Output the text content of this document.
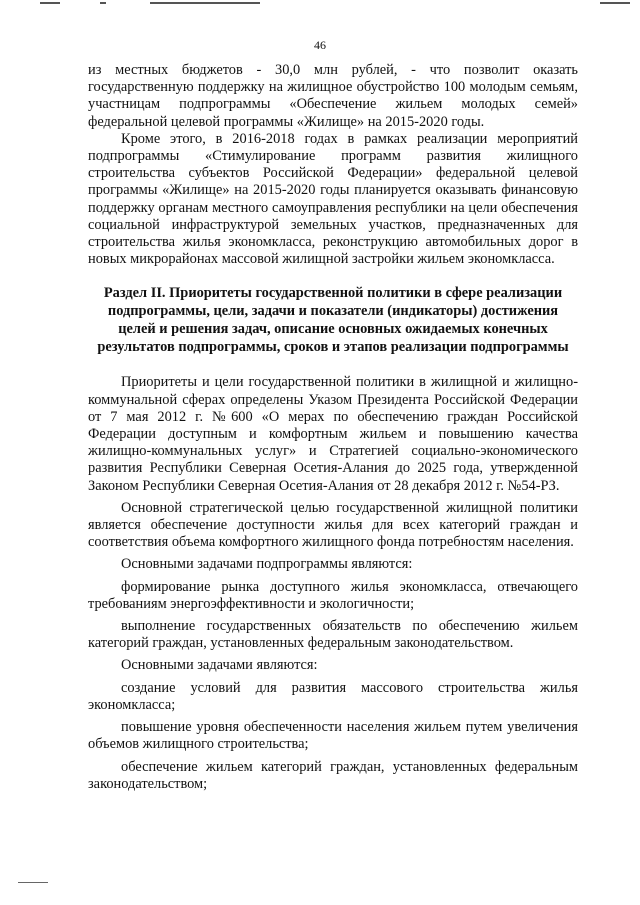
46

из местных бюджетов - 30,0 млн рублей, - что позволит оказать государственную поддержку на жилищное обустройство 100 молодым семьям, участницам подпрограммы «Обеспечение жильем молодых семей» федеральной целевой программы «Жилище» на 2015-2020 годы.

Кроме этого, в 2016-2018 годах в рамках реализации мероприятий подпрограммы «Стимулирование программ развития жилищного строительства субъектов Российской Федерации» федеральной целевой программы «Жилище» на 2015-2020 годы планируется оказывать финансовую поддержку органам местного самоуправления республики на цели обеспечения социальной инфраструктурой земельных участков, предназначенных для строительства жилья экономкласса, реконструкцию автомобильных дорог в новых микрорайонах массовой жилищной застройки жильем экономкласса.

Раздел II. Приоритеты государственной политики в сфере реализации подпрограммы, цели, задачи и показатели (индикаторы) достижения целей и решения задач, описание основных ожидаемых конечных результатов подпрограммы, сроков и этапов реализации подпрограммы

Приоритеты и цели государственной политики в жилищной и жилищно-коммунальной сферах определены Указом Президента Российской Федерации от 7 мая 2012 г. №600 «О мерах по обеспечению граждан Российской Федерации доступным и комфортным жильем и повышению качества жилищно-коммунальных услуг» и Стратегией социально-экономического развития Республики Северная Осетия-Алания до 2025 года, утвержденной Законом Республики Северная Осетия-Алания от 28 декабря 2012 г. №54-РЗ.

Основной стратегической целью государственной жилищной политики является обеспечение доступности жилья для всех категорий граждан и соответствия объема комфортного жилищного фонда потребностям населения.

Основными задачами подпрограммы являются:

формирование рынка доступного жилья экономкласса, отвечающего требованиям энергоэффективности и экологичности;

выполнение государственных обязательств по обеспечению жильем категорий граждан, установленных федеральным законодательством.

Основными задачами являются:

создание условий для развития массового строительства жилья экономкласса;

повышение уровня обеспеченности населения жильем путем увеличения объемов жилищного строительства;

обеспечение жильем категорий граждан, установленных федеральным законодательством;
